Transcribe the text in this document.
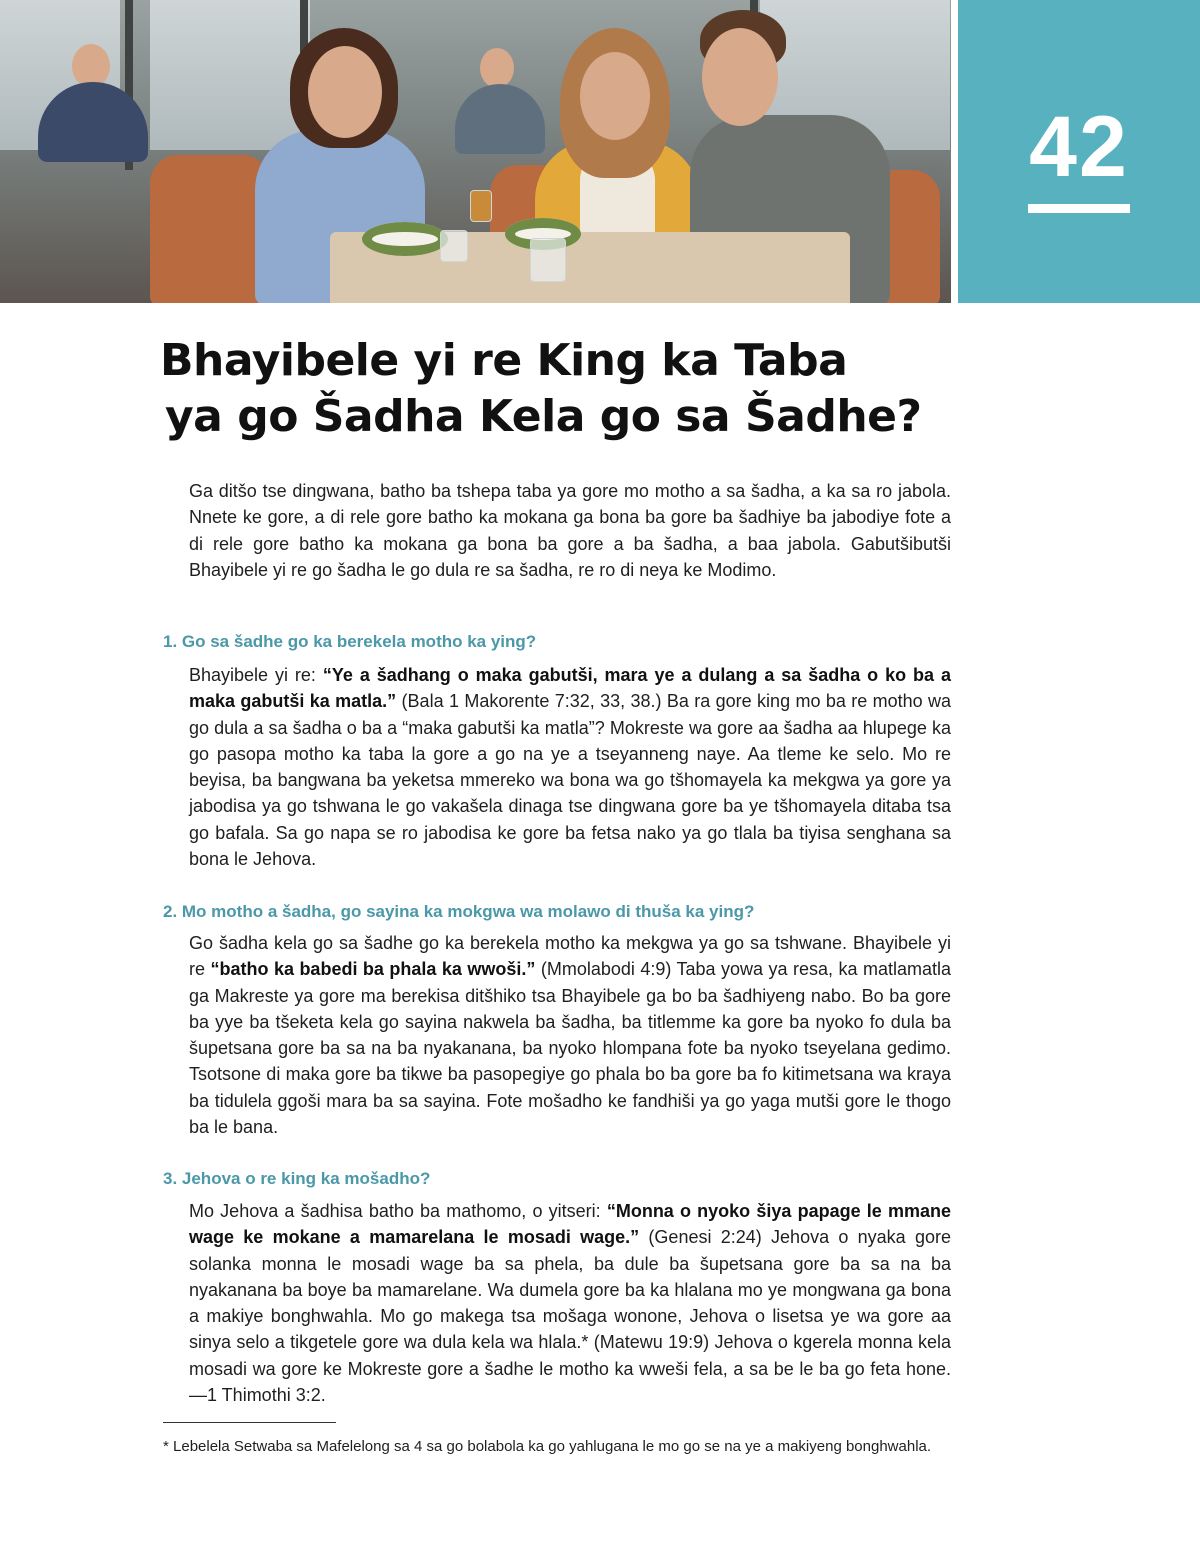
42
Bhayibele yi re King ka Taba
ya go Šadha Kela go sa Šadhe?

Ga ditšo tse dingwana, batho ba tshepa taba ya gore mo motho a sa šadha, a ka sa ro jabola. Nnete ke gore, a di rele gore batho ka mokana ga bona ba gore ba šadhiye ba jabodiye fote a di rele gore batho ka mokana ga bona ba gore a ba šadha, a baa jabola. Gabutšibutši Bhayibele yi re go šadha le go dula re sa šadha, re ro di neya ke Modimo.

1. Go sa šadhe go ka berekela motho ka ying?

Bhayibele yi re: “Ye a šadhang o maka gabutši, mara ye a dulang a sa šadha o ko ba a maka gabutši ka matla.” (Bala 1 Makorente 7:32, 33, 38.) Ba ra gore king mo ba re motho wa go dula a sa šadha o ba a “maka gabutši ka matla”? Mokreste wa gore aa šadha aa hlupege ka go pasopa motho ka taba la gore a go na ye a tseyanneng naye. Aa tleme ke selo. Mo re beyisa, ba bangwana ba yeketsa mmereko wa bona wa go tšhomayela ka mekgwa ya gore ya jabodisa ya go tshwana le go vakašela dinaga tse dingwana gore ba ye tšhomayela ditaba tsa go bafala. Sa go napa se ro jabodisa ke gore ba fetsa nako ya go tlala ba tiyisa senghana sa bona le Jehova.

2. Mo motho a šadha, go sayina ka mokgwa wa molawo di thuša ka ying?

Go šadha kela go sa šadhe go ka berekela motho ka mekgwa ya go sa tshwane. Bhayibele yi re “batho ka babedi ba phala ka wwoši.” (Mmolabodi 4:9) Taba yowa ya resa, ka matlamatla ga Makreste ya gore ma berekisa ditšhiko tsa Bhayibele ga bo ba šadhiyeng nabo. Bo ba gore ba yye ba tšeketa kela go sayina nakwela ba šadha, ba titlemme ka gore ba nyoko fo dula ba šupetsana gore ba sa na ba nyakanana, ba nyoko hlompana fote ba nyoko tseyelana gedimo. Tsotsone di maka gore ba tikwe ba pasopegiye go phala bo ba gore ba fo kitimetsana wa kraya ba tidulela ggoši mara ba sa sayina. Fote mošadho ke fandhiši ya go yaga mutši gore le thogo ba le bana.

3. Jehova o re king ka mošadho?

Mo Jehova a šadhisa batho ba mathomo, o yitseri: “Monna o nyoko šiya papage le mmane wage ke mokane a mamarelana le mosadi wage.” (Genesi 2:24) Jehova o nyaka gore solanka monna le mosadi wage ba sa phela, ba dule ba šupetsana gore ba sa na ba nyakanana ba boye ba mamarelane. Wa dumela gore ba ka hlalana mo ye mongwana ga bona a makiye bonghwahla. Mo go makega tsa mošaga wonone, Jehova o lisetsa ye wa gore aa sinya selo a tikgetele gore wa dula kela wa hlala.* (Matewu 19:9) Jehova o kgerela monna kela mosadi wa gore ke Mokreste gore a šadhe le motho ka wweši fela, a sa be le ba go feta hone.—1 Thimothi 3:2.

* Lebelela Setwaba sa Mafelelong sa 4 sa go bolabola ka go yahlugana le mo go se na ye a makiyeng bonghwahla.
